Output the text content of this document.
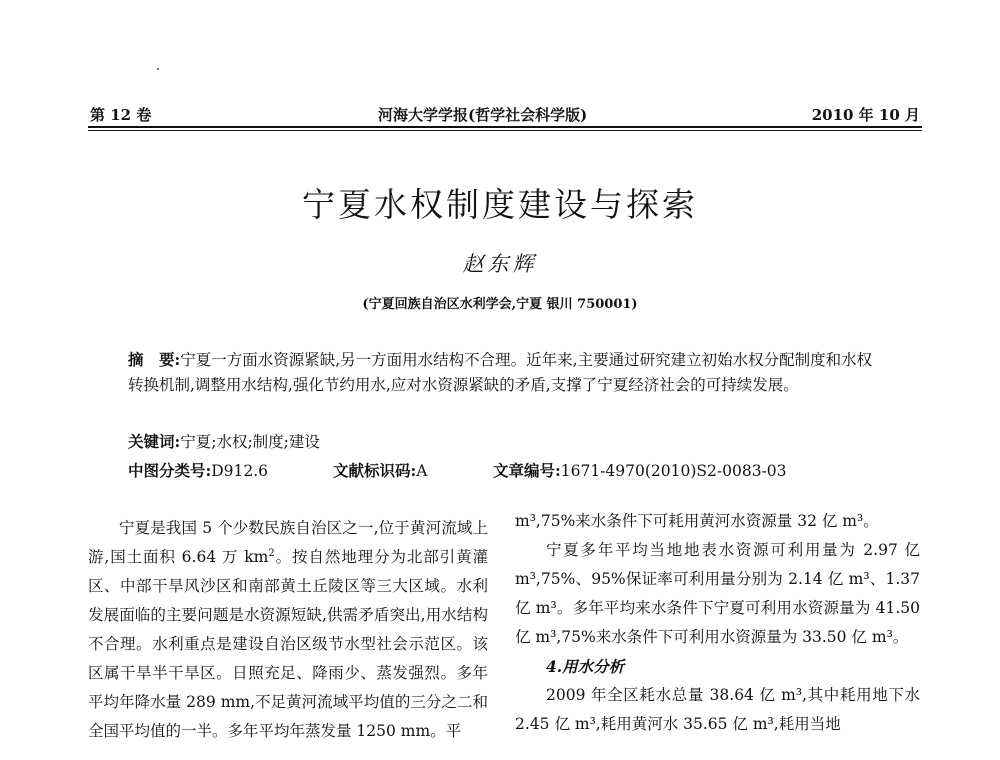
第 12 卷	河海大学学报(哲学社会科学版)	2010 年 10 月
宁夏水权制度建设与探索
赵东辉
(宁夏回族自治区水利学会,宁夏 银川 750001)
摘　要:宁夏一方面水资源紧缺,另一方面用水结构不合理。近年来,主要通过研究建立初始水权分配制度和水权转换机制,调整用水结构,强化节约用水,应对水资源紧缺的矛盾,支撑了宁夏经济社会的可持续发展。
关键词:宁夏;水权;制度;建设
中图分类号:D912.6	文献标识码:A	文章编号:1671-4970(2010)S2-0083-03

宁夏是我国 5 个少数民族自治区之一,位于黄河流域上游,国土面积 6.64 万 $km^2$。按自然地理分为北部引黄灌区、中部干旱风沙区和南部黄土丘陵区等三大区域。水利发展面临的主要问题是水资源短缺,供需矛盾突出,用水结构不合理。水利重点是建设自治区级节水型社会示范区。该区属干旱半干旱区。日照充足、降雨少、蒸发强烈。多年平均年降水量 289 mm,不足黄河流域平均值的三分之二和全国平均值的一半。多年平均年蒸发量 1250 mm。平

m³,75%来水条件下可耗用黄河水资源量 32 亿 m³。

宁夏多年平均当地地表水资源可利用量为 2.97 亿 m³,75%、95%保证率可利用量分别为 2.14 亿 m³、1.37 亿 m³。多年平均来水条件下宁夏可利用水资源量为 41.50 亿 m³,75%来水条件下可利用水资源量为 33.50 亿 m³。

4.用水分析

2009 年全区耗水总量 38.64 亿 m³,其中耗用地下水 2.45 亿 m³,耗用黄河水 35.65 亿 m³,耗用当地
